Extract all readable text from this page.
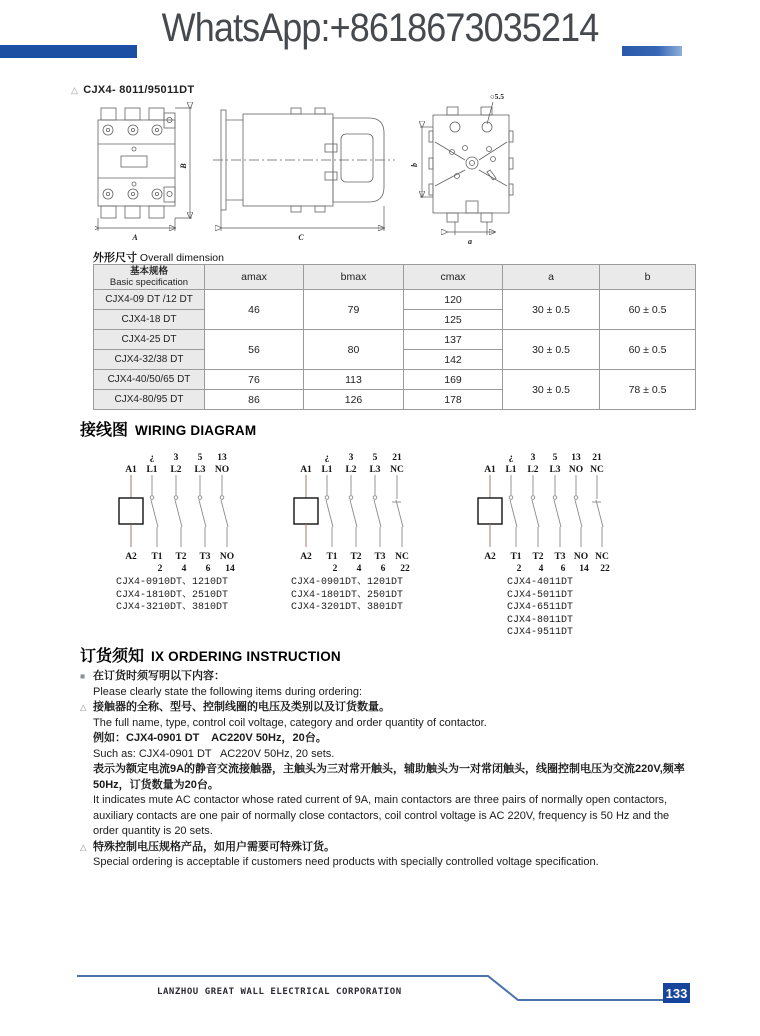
WhatsApp:+8618673035214
△ CJX4- 8011/95011DT
B
A	C
○5.5
b
a
外形尺寸 Overall dimension
基本规格
Basic specification	amax	bmax	cmax	a	b
CJX4-09 DT /12 DT	46	79	120	30 ± 0.5	60 ± 0.5
CJX4-18 DT			125		
CJX4-25 DT	56	80	137	30 ± 0.5	60 ± 0.5
CJX4-32/38 DT			142		
CJX4-40/50/65 DT	76	113	169	30 ± 0.5	78 ± 0.5
CJX4-80/95 DT	86	126	178		
接线图 WIRING DIAGRAM
A1
A2
¿
L1
T1
2
3
L2
T2
4
5
L3
T3
6
13
NO
NO
14
CJX4-0910DT、1210DT
CJX4-1810DT、2510DT
CJX4-3210DT、3810DT
A1
A2
¿
L1
T1
2
3
L2
T2
4
5
L3
T3
6
21
NC
NC
22
CJX4-0901DT、1201DT
CJX4-1801DT、2501DT
CJX4-3201DT、3801DT
A1
A2
¿
L1
T1
2
3
L2
T2
4
5
L3
T3
6
13
NO
NO
14
21
NC
NC
22
CJX4-4011DT
CJX4-5011DT
CJX4-6511DT
CJX4-8011DT
CJX4-9511DT
订货须知 IX ORDERING INSTRUCTION
■ 在订货时须写明以下内容：
Please clearly state the following items during ordering:
△ 接触器的全称、型号、控制线圈的电压及类别以及订货数量。
The full name, type, control coil voltage, category and order quantity of contactor.
例如：CJX4-0901 DT    AC220V 50Hz，20台。
Such as: CJX4-0901 DT   AC220V 50Hz, 20 sets.
表示为额定电流9A的静音交流接触器，主触头为三对常开触头，辅助触头为一对常闭触头，线圈控制电压为交流220V,频率
50Hz，订货数量为20台。
It indicates mute AC contactor whose rated current of 9A, main contactors are three pairs of normally open contactors,
auxiliary contacts are one pair of normally close contactors, coil control voltage is AC 220V, frequency is 50 Hz and the
order quantity is 20 sets.
△ 特殊控制电压规格产品，如用户需要可特殊订货。
Special ordering is acceptable if customers need products with specially controlled voltage specification.
133
LANZHOU GREAT WALL ELECTRICAL CORPORATION
